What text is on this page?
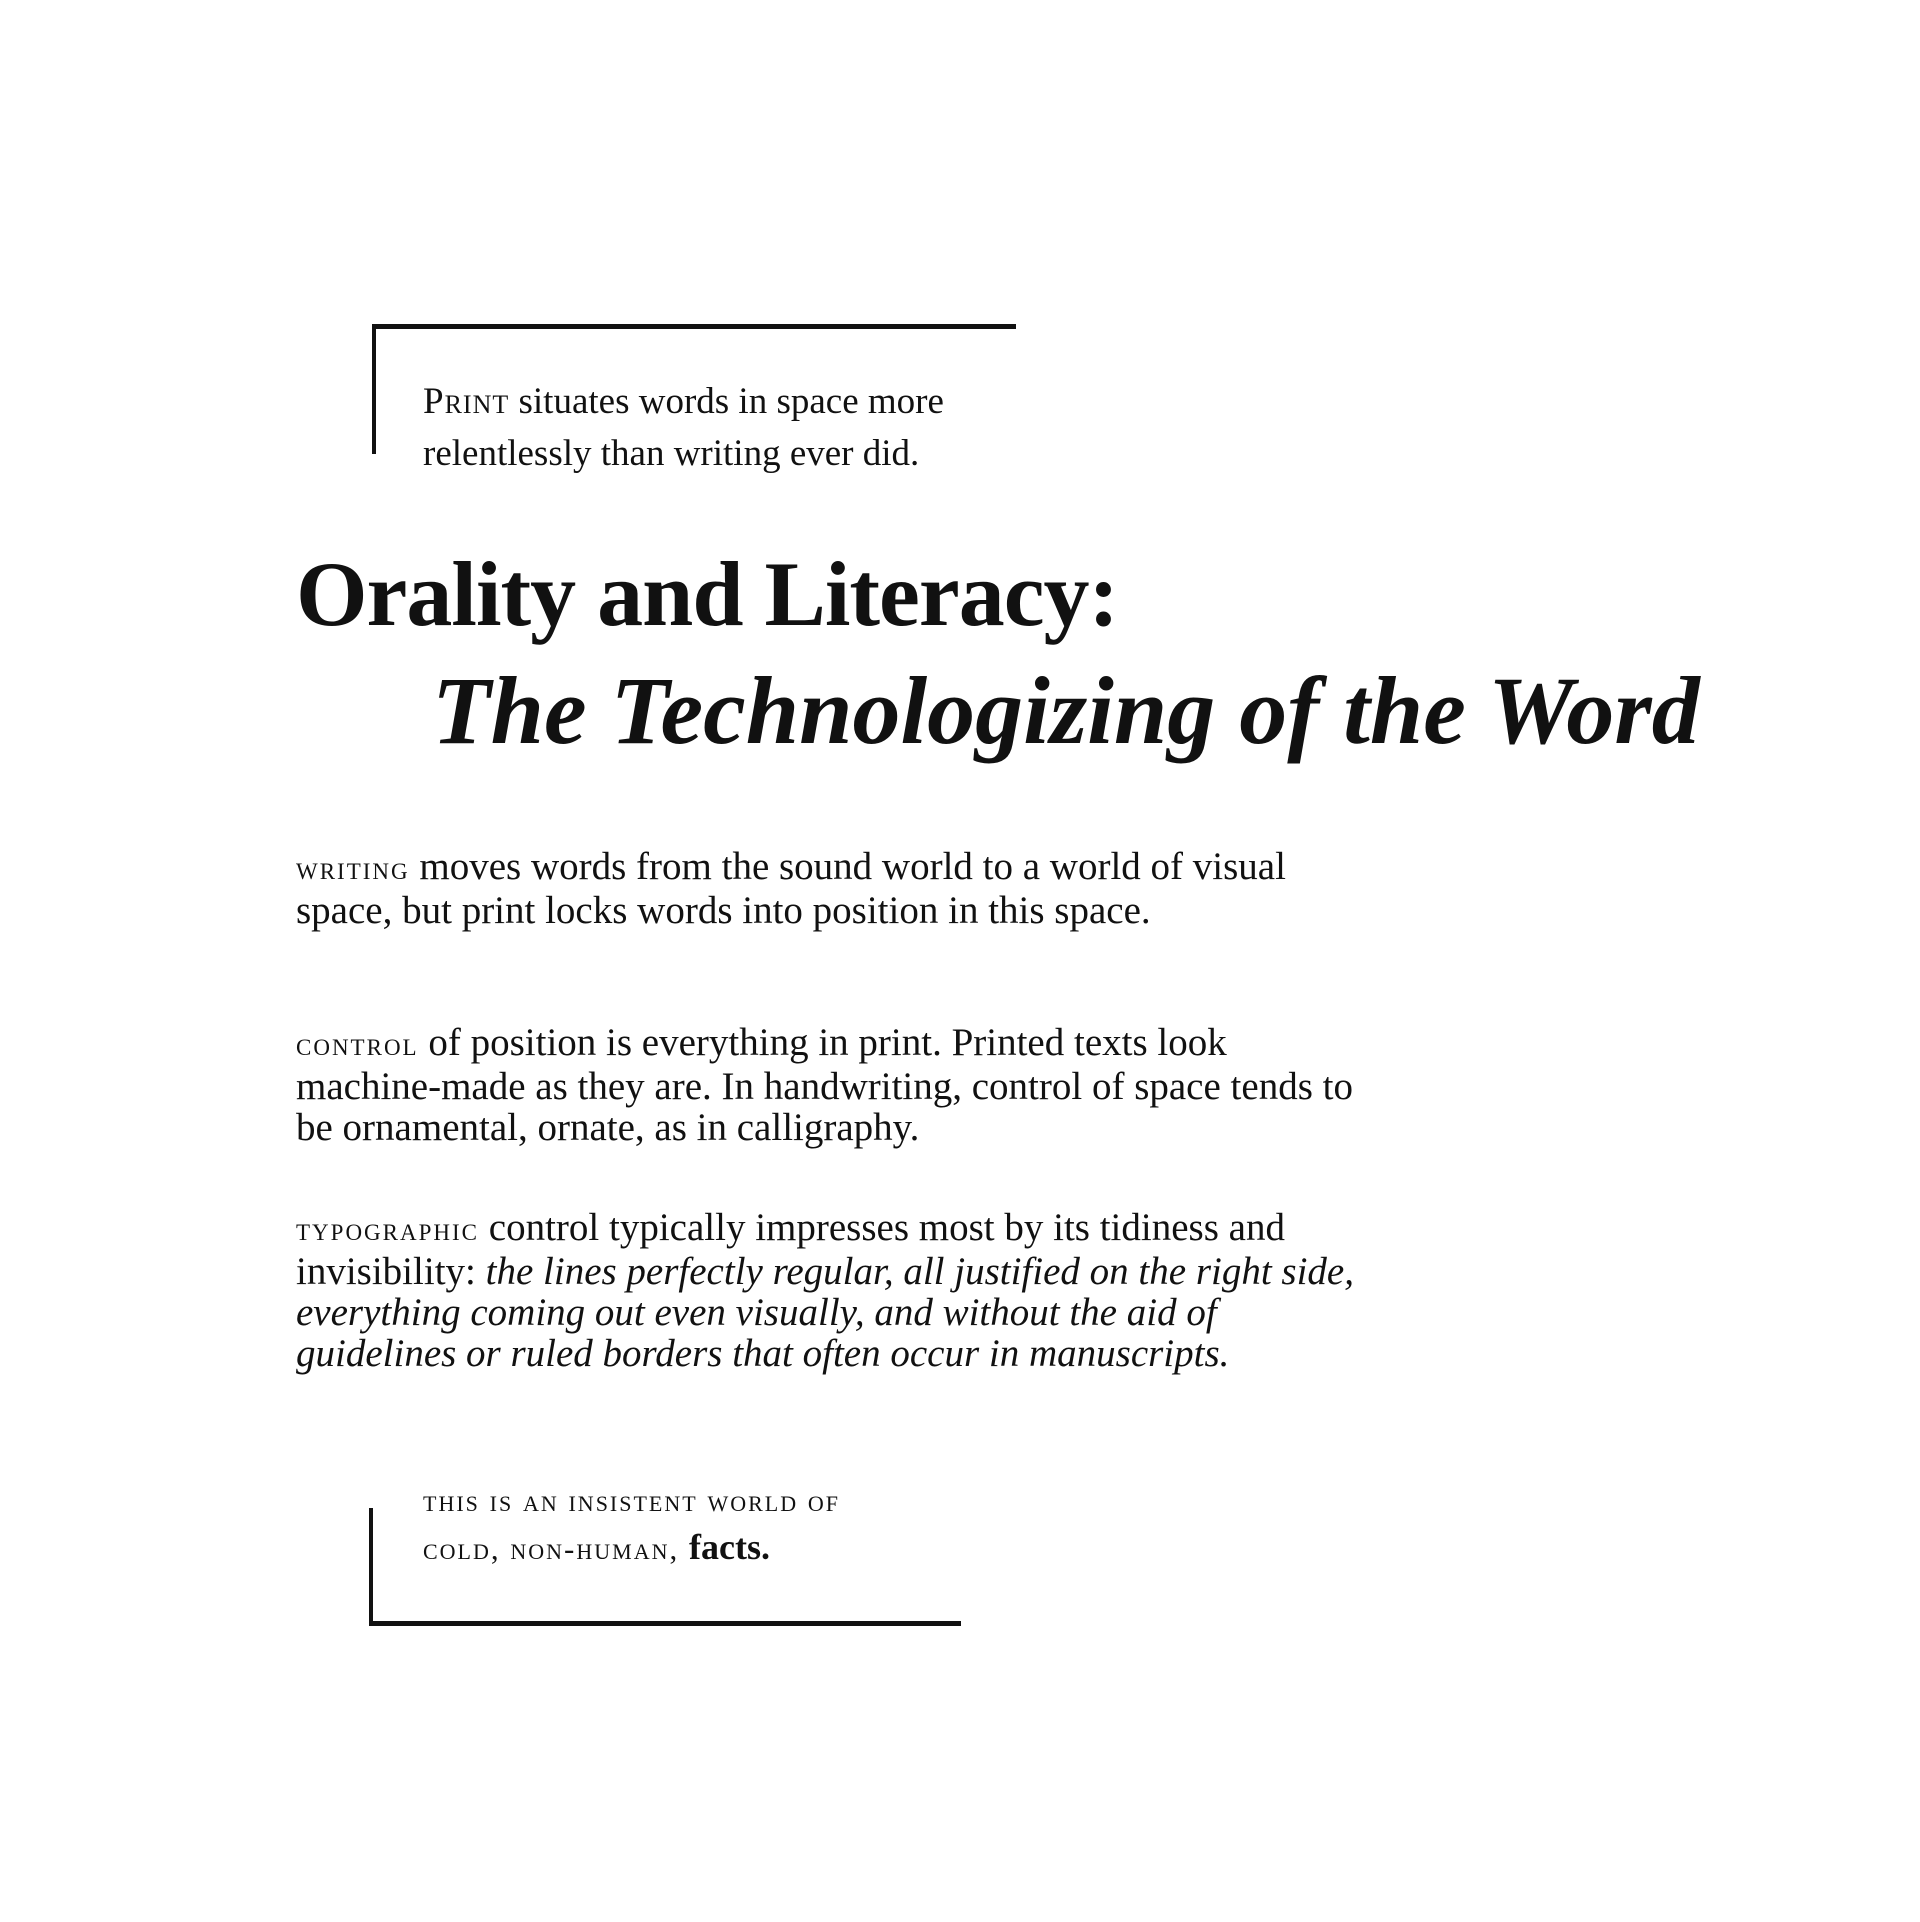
Print situates words in space more
relentlessly than writing ever did.

Orality and Literacy:
The Technologizing of the Word

writing moves words from the sound world to a world of visual space, but print locks words into position in this space.

control of position is everything in print. Printed texts look machine-made as they are. In handwriting, control of space tends to be ornamental, ornate, as in calligraphy.

typographic control typically impresses most by its tidiness and invisibility: the lines perfectly regular, all justified on the right side, everything coming out even visually, and without the aid of guidelines or ruled borders that often occur in manuscripts.

this is an insistent world of
cold, non-human, facts.
